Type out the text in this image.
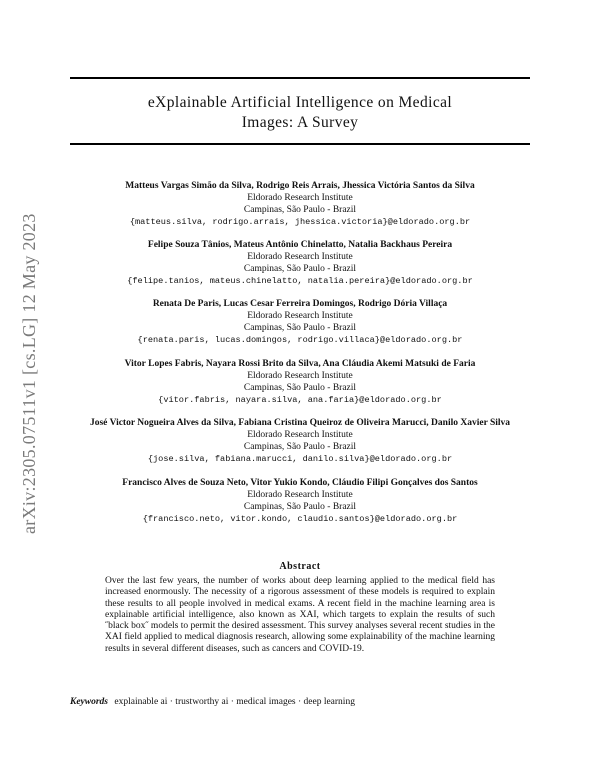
arXiv:2305.07511v1 [cs.LG] 12 May 2023
eXplainable Artificial Intelligence on Medical
Images: A Survey
Matteus Vargas Simão da Silva, Rodrigo Reis Arrais, Jhessica Victória Santos da Silva
Eldorado Research Institute
Campinas, São Paulo - Brazil
{matteus.silva, rodrigo.arrais, jhessica.victoria}@eldorado.org.br
Felipe Souza Tânios, Mateus Antônio Chinelatto, Natalia Backhaus Pereira
Eldorado Research Institute
Campinas, São Paulo - Brazil
{felipe.tanios, mateus.chinelatto, natalia.pereira}@eldorado.org.br
Renata De Paris, Lucas Cesar Ferreira Domingos, Rodrigo Dória Villaça
Eldorado Research Institute
Campinas, São Paulo - Brazil
{renata.paris, lucas.domingos, rodrigo.villaca}@eldorado.org.br
Vitor Lopes Fabris, Nayara Rossi Brito da Silva, Ana Cláudia Akemi Matsuki de Faria
Eldorado Research Institute
Campinas, São Paulo - Brazil
{vitor.fabris, nayara.silva, ana.faria}@eldorado.org.br
José Victor Nogueira Alves da Silva, Fabiana Cristina Queiroz de Oliveira Marucci, Danilo Xavier Silva
Eldorado Research Institute
Campinas, São Paulo - Brazil
{jose.silva, fabiana.marucci, danilo.silva}@eldorado.org.br
Francisco Alves de Souza Neto, Vitor Yukio Kondo, Cláudio Filipi Gonçalves dos Santos
Eldorado Research Institute
Campinas, São Paulo - Brazil
{francisco.neto, vitor.kondo, claudio.santos}@eldorado.org.br
Abstract
Over the last few years, the number of works about deep learning applied to the medical field has increased enormously. The necessity of a rigorous assessment of these models is required to explain these results to all people involved in medical exams. A recent field in the machine learning area is explainable artificial intelligence, also known as XAI, which targets to explain the results of such ˝black box˝ models to permit the desired assessment. This survey analyses several recent studies in the XAI field applied to medical diagnosis research, allowing some explainability of the machine learning results in several different diseases, such as cancers and COVID-19.
Keywords explainable ai · trustworthy ai · medical images · deep learning
